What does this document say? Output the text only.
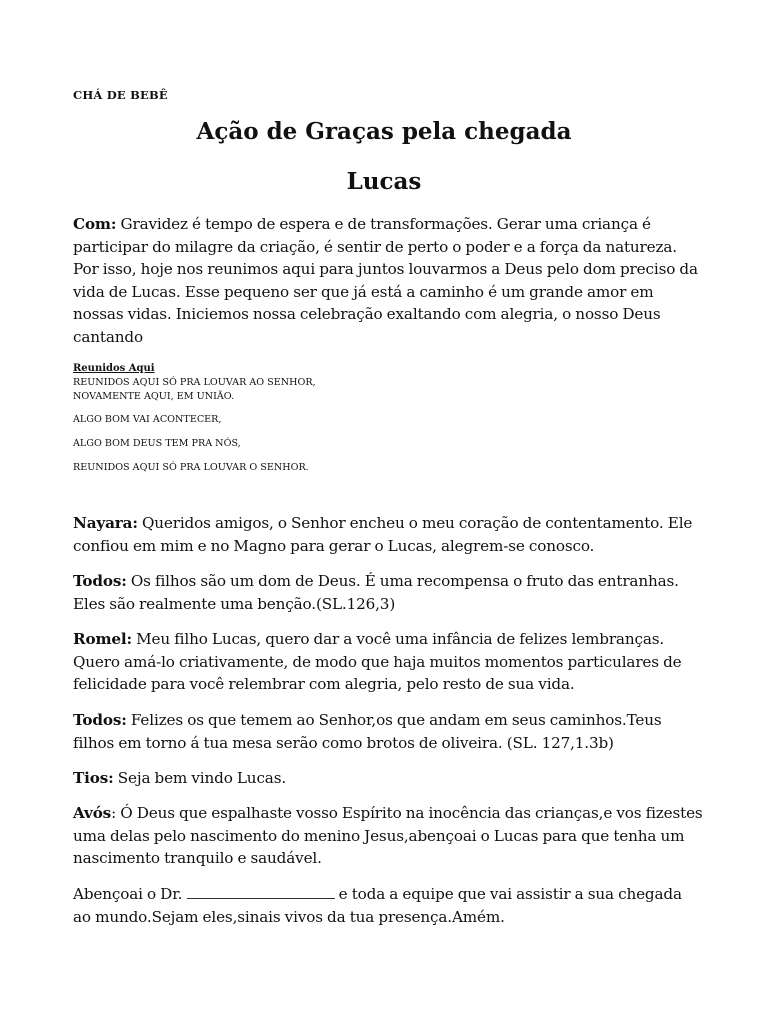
CHÁ DE BEBÊ
Ação de Graças pela chegada
Lucas

Com: Gravidez é tempo de espera e de transformações. Gerar uma criança é participar do milagre da criação, é sentir de perto o poder e a força da natureza. Por isso, hoje nos reunimos aqui para juntos louvarmos a Deus pelo dom preciso da vida de Lucas. Esse pequeno ser que já está a caminho é um grande amor em nossas vidas. Iniciemos nossa celebração exaltando com alegria, o nosso Deus cantando

Reunidos Aqui
REUNIDOS AQUI SÓ PRA LOUVAR AO SENHOR,
NOVAMENTE AQUI, EM UNIÃO.
ALGO BOM VAI ACONTECER,
ALGO BOM DEUS TEM PRA NÓS,
REUNIDOS AQUI SÓ PRA LOUVAR O SENHOR.

Nayara: Queridos amigos, o Senhor encheu o meu coração de contentamento. Ele confiou em mim e no Magno para gerar o Lucas, alegrem-se conosco.

Todos: Os filhos são um dom de Deus. É uma recompensa o fruto das entranhas. Eles são realmente uma benção.(SL.126,3)

Romel: Meu filho Lucas, quero dar a você uma infância de felizes lembranças. Quero amá-lo criativamente, de modo que haja muitos momentos particulares de felicidade para você relembrar com alegria, pelo resto de sua vida.

Todos: Felizes os que temem ao Senhor,os que andam em seus caminhos.Teus filhos em torno á tua mesa serão como brotos de oliveira. (SL. 127,1.3b)

Tios: Seja bem vindo Lucas.

Avós: Ó Deus que espalhaste vosso Espírito na inocência das crianças,e vos fizestes uma delas pelo nascimento do menino Jesus,abençoai o Lucas para que tenha um nascimento tranquilo e saudável.

Abençoai o Dr.	e toda a equipe que vai assistir a sua chegada ao mundo.Sejam eles,sinais vivos da tua presença.Amém.
